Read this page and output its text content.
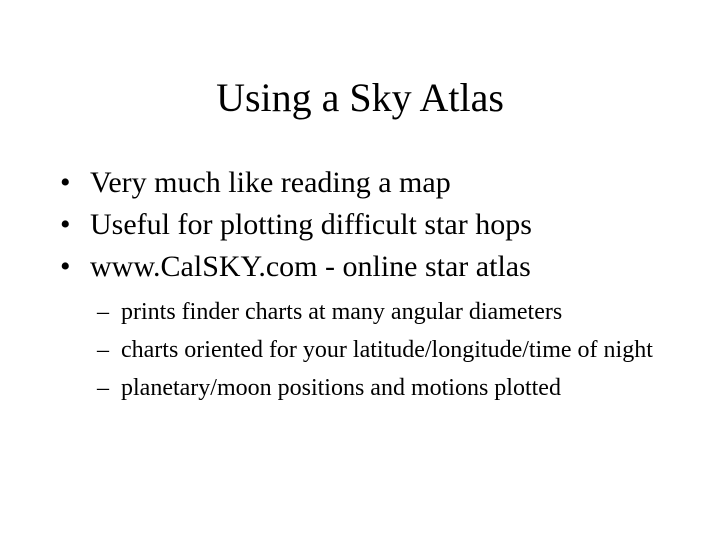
Using a Sky Atlas
• Very much like reading a map
• Useful for plotting difficult star hops
• www.CalSKY.com - online star atlas
– prints finder charts at many angular diameters
– charts oriented for your latitude/longitude/time of night
– planetary/moon positions and motions plotted
